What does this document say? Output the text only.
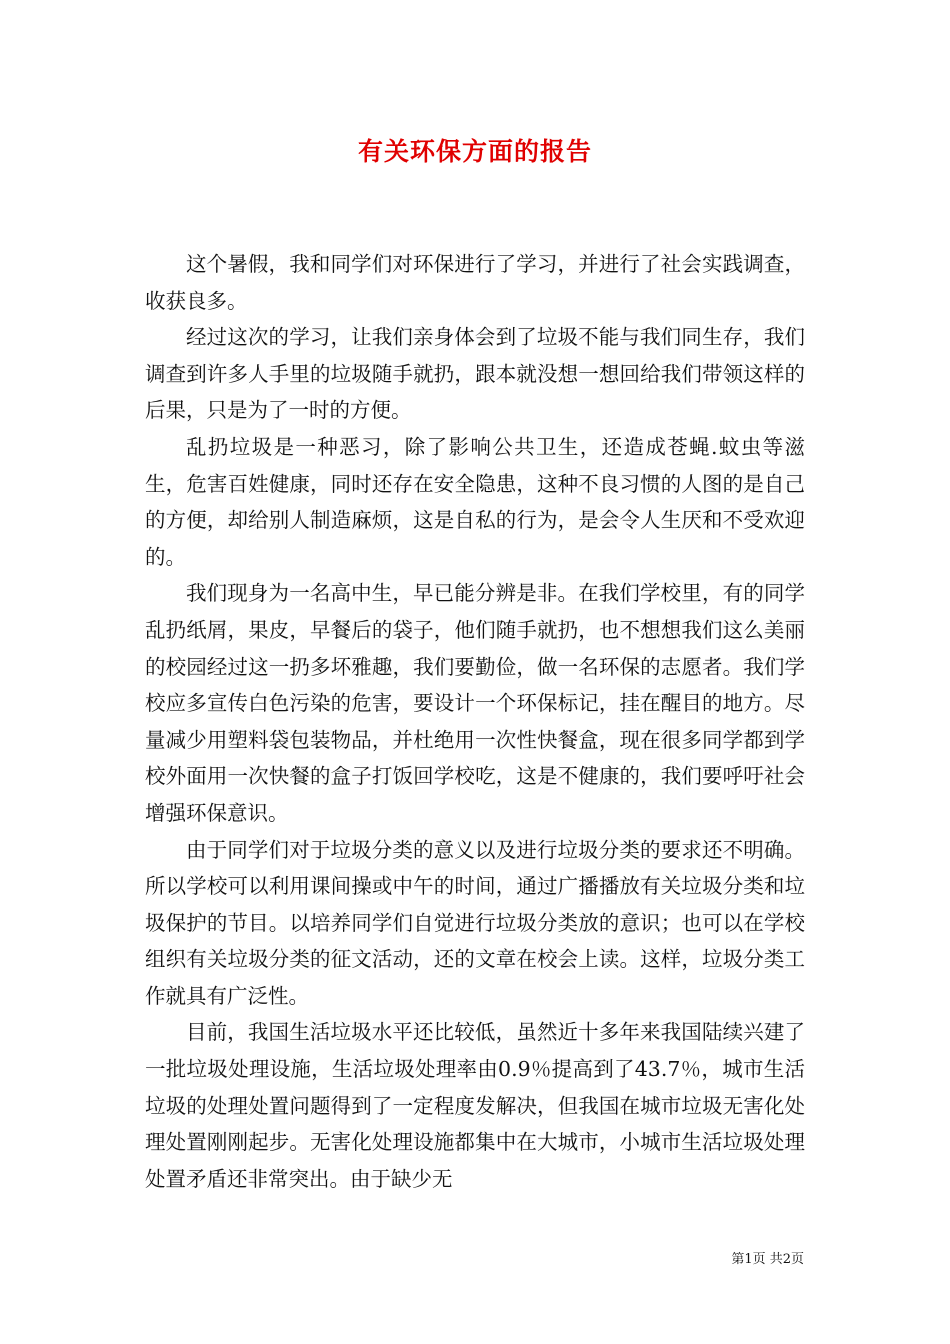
有关环保方面的报告

这个暑假，我和同学们对环保进行了学习，并进行了社会实践调查，收获良多。

经过这次的学习，让我们亲身体会到了垃圾不能与我们同生存，我们调查到许多人手里的垃圾随手就扔，跟本就没想一想回给我们带领这样的后果，只是为了一时的方便。

乱扔垃圾是一种恶习，除了影响公共卫生，还造成苍蝇.蚊虫等滋生，危害百姓健康，同时还存在安全隐患，这种不良习惯的人图的是自己的方便，却给别人制造麻烦，这是自私的行为，是会令人生厌和不受欢迎的。

我们现身为一名高中生，早已能分辨是非。在我们学校里，有的同学乱扔纸屑，果皮，早餐后的袋子，他们随手就扔，也不想想我们这么美丽的校园经过这一扔多坏雅趣，我们要勤俭，做一名环保的志愿者。我们学校应多宣传白色污染的危害，要设计一个环保标记，挂在醒目的地方。尽量减少用塑料袋包装物品，并杜绝用一次性快餐盒，现在很多同学都到学校外面用一次快餐的盒子打饭回学校吃，这是不健康的，我们要呼吁社会增强环保意识。

由于同学们对于垃圾分类的意义以及进行垃圾分类的要求还不明确。所以学校可以利用课间操或中午的时间，通过广播播放有关垃圾分类和垃圾保护的节目。以培养同学们自觉进行垃圾分类放的意识；也可以在学校组织有关垃圾分类的征文活动，还的文章在校会上读。这样，垃圾分类工作就具有广泛性。

目前，我国生活垃圾水平还比较低，虽然近十多年来我国陆续兴建了一批垃圾处理设施，生活垃圾处理率由0.9％提高到了43.7％，城市生活垃圾的处理处置问题得到了一定程度发解决，但我国在城市垃圾无害化处理处置刚刚起步。无害化处理设施都集中在大城市，小城市生活垃圾处理处置矛盾还非常突出。由于缺少无

第1页 共2页
